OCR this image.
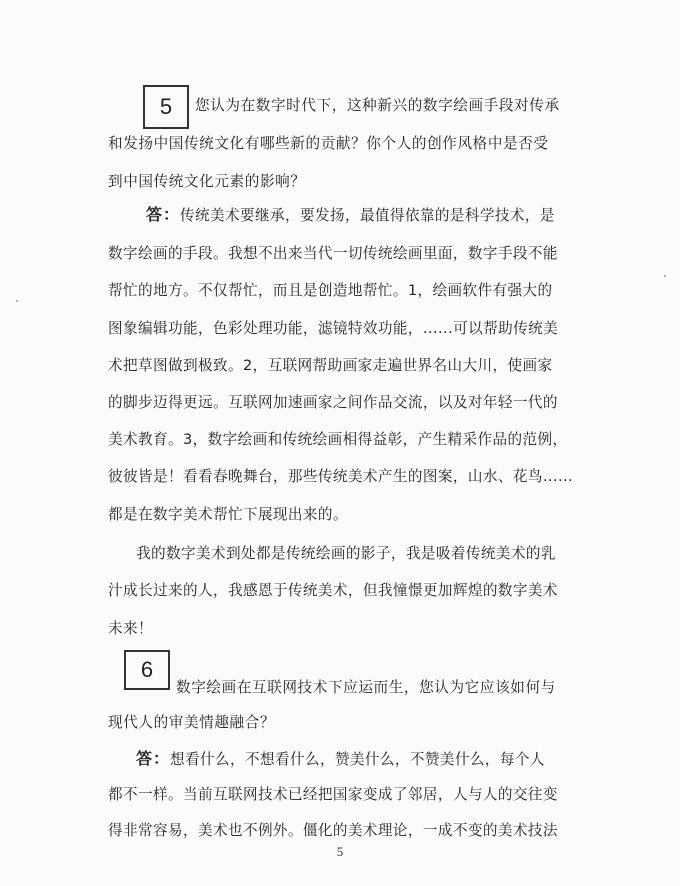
5	您认为在数字时代下，这种新兴的数字绘画手段对传承
和发扬中国传统文化有哪些新的贡献？你个人的创作风格中是否受
到中国传统文化元素的影响？
答：传统美术要继承，要发扬，最值得依靠的是科学技术，是
数字绘画的手段。我想不出来当代一切传统绘画里面，数字手段不能
帮忙的地方。不仅帮忙，而且是创造地帮忙。1，绘画软件有强大的
图象编辑功能，色彩处理功能，滤镜特效功能，......可以帮助传统美
术把草图做到极致。2，互联网帮助画家走遍世界名山大川，使画家
的脚步迈得更远。互联网加速画家之间作品交流，以及对年轻一代的
美术教育。3，数字绘画和传统绘画相得益彰，产生精采作品的范例，
彼彼皆是！看看春晚舞台，那些传统美术产生的图案，山水、花鸟......
都是在数字美术帮忙下展现出来的。
我的数字美术到处都是传统绘画的影子，我是吸着传统美术的乳
汁成长过来的人，我感恩于传统美术，但我憧憬更加辉煌的数字美术
未来！
6
数字绘画在互联网技术下应运而生，您认为它应该如何与
现代人的审美情趣融合？
答：想看什么，不想看什么，赞美什么，不赞美什么，每个人
都不一样。当前互联网技术已经把国家变成了邻居，人与人的交往变
得非常容易，美术也不例外。僵化的美术理论，一成不变的美术技法
5
